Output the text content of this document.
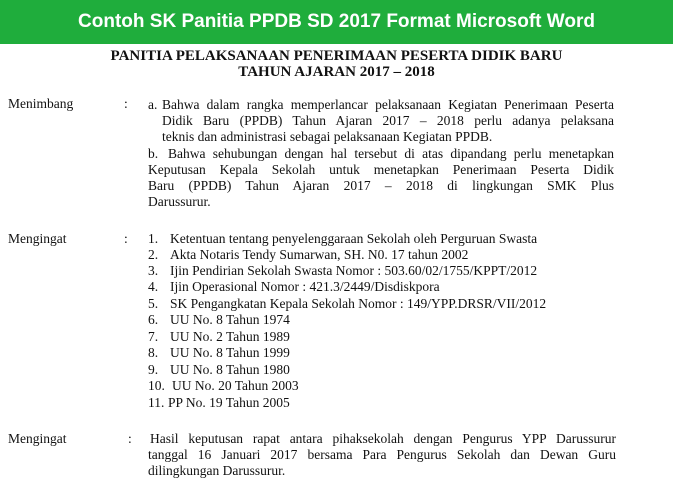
Contoh SK Panitia PPDB SD 2017 Format Microsoft Word
PANITIA PELAKSANAAN PENERIMAAN PESERTA DIDIK BARU
TAHUN AJARAN 2017 – 2018
Menimbang	: a. Bahwa dalam rangka memperlancar pelaksanaan Kegiatan Penerimaan Peserta
Didik Baru (PPDB) Tahun Ajaran 2017 – 2018 perlu adanya pelaksana
teknis dan administrasi sebagai pelaksanaan Kegiatan PPDB.
b. Bahwa sehubungan dengan hal tersebut di atas dipandang perlu menetapkan
Keputusan Kepala Sekolah untuk menetapkan Penerimaan Peserta Didik
Baru (PPDB) Tahun Ajaran 2017 – 2018 di lingkungan SMK Plus
Darussurur.
Mengingat	: 1. Ketentuan tentang penyelenggaraan Sekolah oleh Perguruan Swasta
2. Akta Notaris Tendy Sumarwan, SH. N0. 17 tahun 2002
3. Ijin Pendirian Sekolah Swasta Nomor : 503.60/02/1755/KPPT/2012
4. Ijin Operasional Nomor : 421.3/2449/Disdiskpora
5. SK Pengangkatan Kepala Sekolah Nomor : 149/YPP.DRSR/VII/2012
6. UU No. 8 Tahun 1974
7. UU No. 2 Tahun 1989
8. UU No. 8 Tahun 1999
9. UU No. 8 Tahun 1980
10. UU No. 20 Tahun 2003
11. PP No. 19 Tahun 2005
Mengingat	: Hasil keputusan rapat antara pihaksekolah dengan Pengurus YPP Darussurur
tanggal 16 Januari 2017 bersama Para Pengurus Sekolah dan Dewan Guru
dilingkungan Darussurur.
